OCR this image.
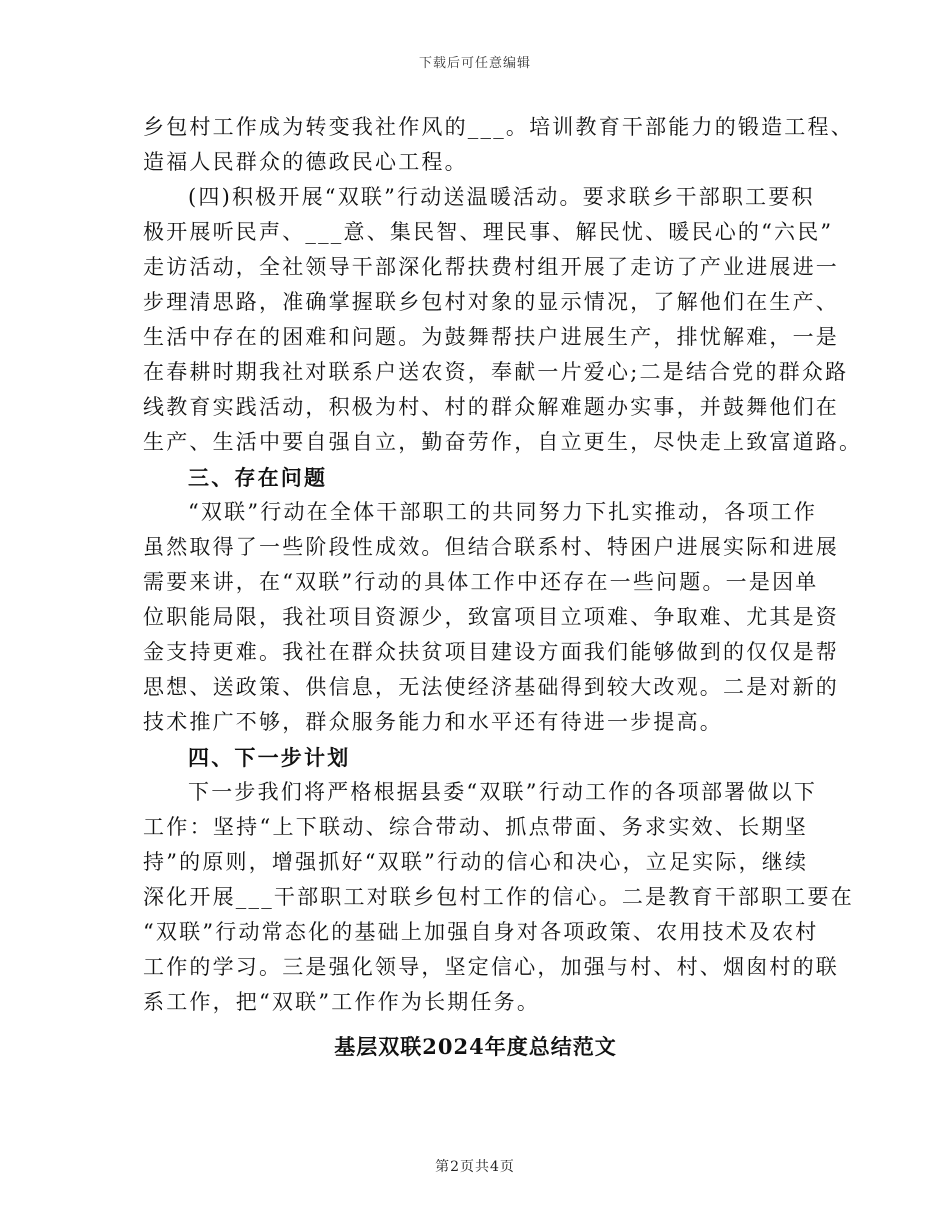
下载后可任意编辑
乡包村工作成为转变我社作风的___。培训教育干部能力的锻造工程、
造福人民群众的德政民心工程。
(四)积极开展“双联”行动送温暖活动。要求联乡干部职工要积
极开展听民声、___意、集民智、理民事、解民忧、暖民心的“六民”
走访活动，全社领导干部深化帮扶费村组开展了走访了产业进展进一
步理清思路，准确掌握联乡包村对象的显示情况，了解他们在生产、
生活中存在的困难和问题。为鼓舞帮扶户进展生产，排忧解难，一是
在春耕时期我社对联系户送农资，奉献一片爱心;二是结合党的群众路
线教育实践活动，积极为村、村的群众解难题办实事，并鼓舞他们在
生产、生活中要自强自立，勤奋劳作，自立更生，尽快走上致富道路。
三、存在问题
“双联”行动在全体干部职工的共同努力下扎实推动，各项工作
虽然取得了一些阶段性成效。但结合联系村、特困户进展实际和进展
需要来讲，在“双联”行动的具体工作中还存在一些问题。一是因单
位职能局限，我社项目资源少，致富项目立项难、争取难、尤其是资
金支持更难。我社在群众扶贫项目建设方面我们能够做到的仅仅是帮
思想、送政策、供信息，无法使经济基础得到较大改观。二是对新的
技术推广不够，群众服务能力和水平还有待进一步提高。
四、下一步计划
下一步我们将严格根据县委“双联”行动工作的各项部署做以下
工作：坚持“上下联动、综合带动、抓点带面、务求实效、长期坚
持”的原则，增强抓好“双联”行动的信心和决心，立足实际，继续
深化开展___干部职工对联乡包村工作的信心。二是教育干部职工要在
“双联”行动常态化的基础上加强自身对各项政策、农用技术及农村
工作的学习。三是强化领导，坚定信心，加强与村、村、烟囱村的联
系工作，把“双联”工作作为长期任务。
基层双联2024年度总结范文
第2页共4页
